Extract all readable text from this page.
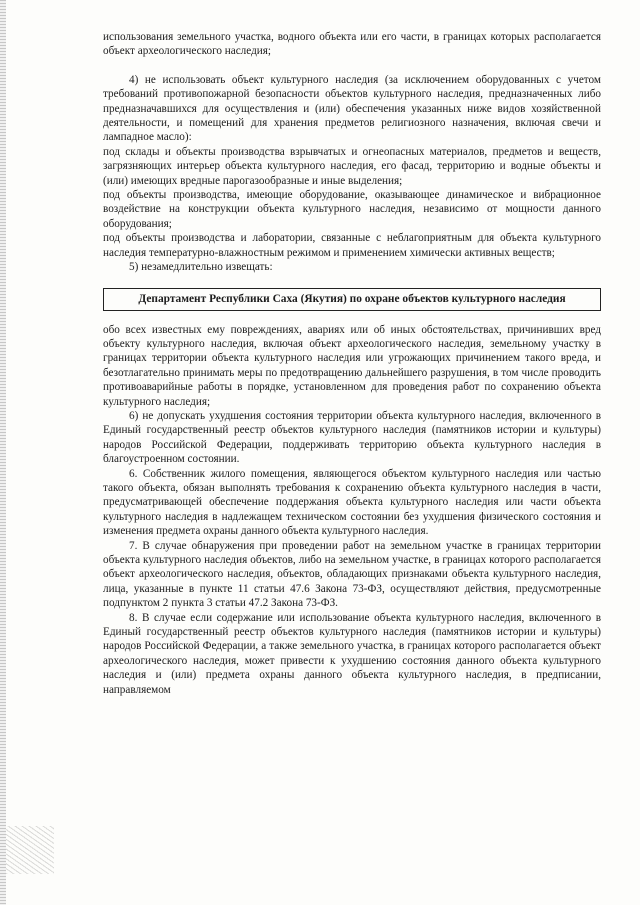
использования земельного участка, водного объекта или его части, в границах которых располагается объект археологического наследия;

4) не использовать объект культурного наследия (за исключением оборудованных с учетом требований противопожарной безопасности объектов культурного наследия, предназначенных либо предназначавшихся для осуществления и (или) обеспечения указанных ниже видов хозяйственной деятельности, и помещений для хранения предметов религиозного назначения, включая свечи и лампадное масло):

под склады и объекты производства взрывчатых и огнеопасных материалов, предметов и веществ, загрязняющих интерьер объекта культурного наследия, его фасад, территорию и водные объекты и (или) имеющих вредные парогазообразные и иные выделения;

под объекты производства, имеющие оборудование, оказывающее динамическое и вибрационное воздействие на конструкции объекта культурного наследия, независимо от мощности данного оборудования;

под объекты производства и лаборатории, связанные с неблагоприятным для объекта культурного наследия температурно-влажностным режимом и применением химически активных веществ;

5) незамедлительно извещать:

Департамент Республики Саха (Якутия) по охране объектов культурного наследия

обо всех известных ему повреждениях, авариях или об иных обстоятельствах, причинивших вред объекту культурного наследия, включая объект археологического наследия, земельному участку в границах территории объекта культурного наследия или угрожающих причинением такого вреда, и безотлагательно принимать меры по предотвращению дальнейшего разрушения, в том числе проводить противоаварийные работы в порядке, установленном для проведения работ по сохранению объекта культурного наследия;

6) не допускать ухудшения состояния территории объекта культурного наследия, включенного в Единый государственный реестр объектов культурного наследия (памятников истории и культуры) народов Российской Федерации, поддерживать территорию объекта культурного наследия в благоустроенном состоянии.

6. Собственник жилого помещения, являющегося объектом культурного наследия или частью такого объекта, обязан выполнять требования к сохранению объекта культурного наследия в части, предусматривающей обеспечение поддержания объекта культурного наследия или части объекта культурного наследия в надлежащем техническом состоянии без ухудшения физического состояния и изменения предмета охраны данного объекта культурного наследия.

7. В случае обнаружения при проведении работ на земельном участке в границах территории объекта культурного наследия объектов, либо на земельном участке, в границах которого располагается объект археологического наследия, объектов, обладающих признаками объекта культурного наследия, лица, указанные в пункте 11 статьи 47.6 Закона 73-ФЗ, осуществляют действия, предусмотренные подпунктом 2 пункта 3 статьи 47.2 Закона 73-ФЗ.

8. В случае если содержание или использование объекта культурного наследия, включенного в Единый государственный реестр объектов культурного наследия (памятников истории и культуры) народов Российской Федерации, а также земельного участка, в границах которого располагается объект археологического наследия, может привести к ухудшению состояния данного объекта культурного наследия и (или) предмета охраны данного объекта культурного наследия, в предписании, направляемом
